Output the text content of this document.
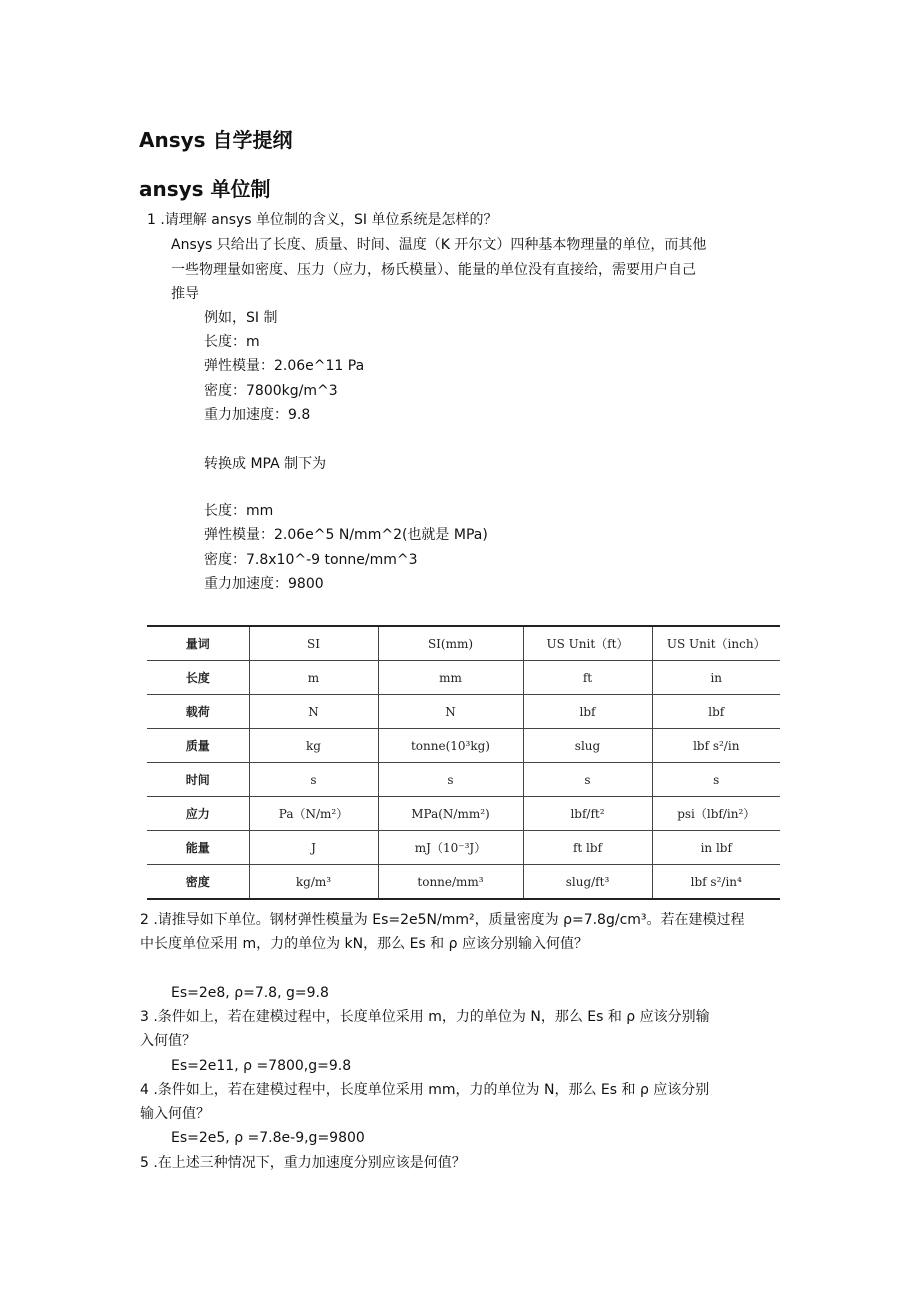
Ansys 自学提纲
ansys 单位制
1 .请理解 ansys 单位制的含义，SI 单位系统是怎样的？
Ansys 只给出了长度、质量、时间、温度（K 开尔文）四种基本物理量的单位，而其他
一些物理量如密度、压力（应力，杨氏模量）、能量的单位没有直接给，需要用户自己
推导
例如，SI 制
长度：m
弹性模量：2.06e^11 Pa
密度：7800kg/m^3
重力加速度：9.8
转换成 MPA 制下为
长度：mm
弹性模量：2.06e^5 N/mm^2(也就是 MPa)
密度：7.8x10^-9 tonne/mm^3
重力加速度：9800
量词	SI	SI(mm)	US Unit（ft）	US Unit（inch）
长度	m	mm	ft	in
载荷	N	N	lbf	lbf
质量	kg	tonne(10³kg)	slug	lbf s²/in
时间	s	s	s	s
应力	Pa（N/m²）	MPa(N/mm²)	lbf/ft²	psi（lbf/in²）
能量	J	mJ（10⁻³J）	ft lbf	in lbf
密度	kg/m³	tonne/mm³	slug/ft³	lbf s²/in⁴
2 .请推导如下单位。钢材弹性模量为 Es=2e5N/mm²，质量密度为 ρ=7.8g/cm³。若在建模过程
中长度单位采用 m，力的单位为 kN，那么 Es 和 ρ 应该分别输入何值？
Es=2e8, ρ=7.8, g=9.8
3 .条件如上，若在建模过程中，长度单位采用 m，力的单位为 N，那么 Es 和 ρ 应该分别输
入何值？
Es=2e11, ρ =7800,g=9.8
4 .条件如上，若在建模过程中，长度单位采用 mm，力的单位为 N，那么 Es 和 ρ 应该分别
输入何值？
Es=2e5, ρ =7.8e-9,g=9800
5 .在上述三种情况下，重力加速度分别应该是何值？
